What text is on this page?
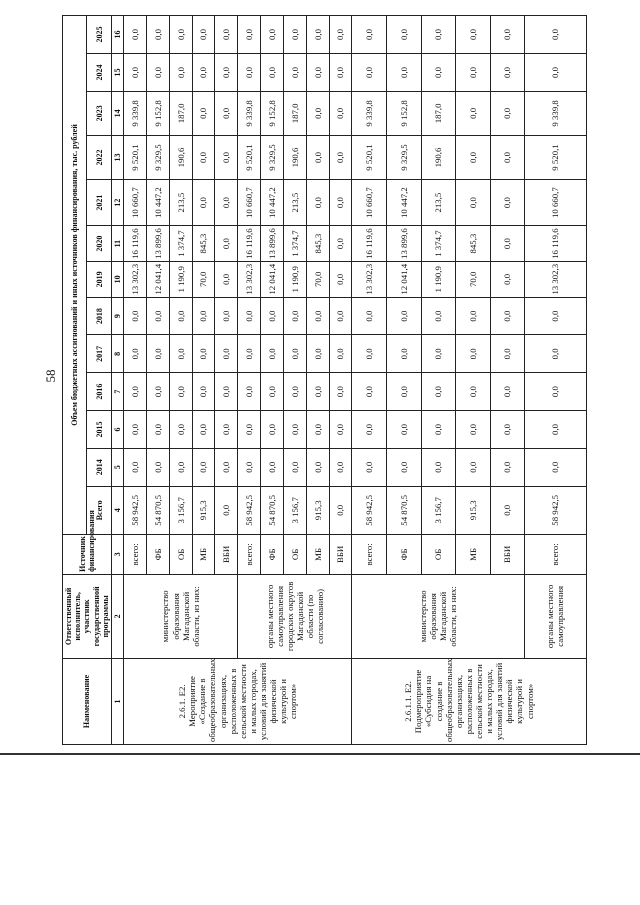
58
Наименование	Ответственный исполнитель, участник государственной программы	Источник финансирования	Объем бюджетных ассигнований и иных источников финансирования, тыс. рублей												
			Всего	2014	2015	2016	2017	2018	2019	2020	2021	2022	2023	2024	2025
1	2	3	4	5	6	7	8	9	10	11	12	13	14	15	16
2.6.1. Е2. Мероприятие «Создание в общеобразовательных организациях, расположенных в сельской местности и малых городах, условий для занятий физической культурой и спортом»	министерство образования Магаданской области, из них:	всего:	58 942,5	0,0	0,0	0,0	0,0	0,0	13 302,3	16 119,6	10 660,7	9 520,1	9 339,8	0,0	0,0
		ФБ	54 870,5	0,0	0,0	0,0	0,0	0,0	12 041,4	13 899,6	10 447,2	9 329,5	9 152,8	0,0	0,0
		ОБ	3 156,7	0,0	0,0	0,0	0,0	0,0	1 190,9	1 374,7	213,5	190,6	187,0	0,0	0,0
		МБ	915,3	0,0	0,0	0,0	0,0	0,0	70,0	845,3	0,0	0,0	0,0	0,0	0,0
		ВБИ	0,0	0,0	0,0	0,0	0,0	0,0	0,0	0,0	0,0	0,0	0,0	0,0	0,0
	органы местного самоуправления городских округов Магаданской области (по согласованию)	всего:	58 942,5	0,0	0,0	0,0	0,0	0,0	13 302,3	16 119,6	10 660,7	9 520,1	9 339,8	0,0	0,0
		ФБ	54 870,5	0,0	0,0	0,0	0,0	0,0	12 041,4	13 899,6	10 447,2	9 329,5	9 152,8	0,0	0,0
		ОБ	3 156,7	0,0	0,0	0,0	0,0	0,0	1 190,9	1 374,7	213,5	190,6	187,0	0,0	0,0
		МБ	915,3	0,0	0,0	0,0	0,0	0,0	70,0	845,3	0,0	0,0	0,0	0,0	0,0
		ВБИ	0,0	0,0	0,0	0,0	0,0	0,0	0,0	0,0	0,0	0,0	0,0	0,0	0,0
2.6.1.1. Е2. Подмероприятие «Субсидия на создание в общеобразовательных организациях, расположенных в сельской местности и малых городах, условий для занятий физической культурой и спортом»	министерство образования Магаданской области, из них:	всего:	58 942,5	0,0	0,0	0,0	0,0	0,0	13 302,3	16 119,6	10 660,7	9 520,1	9 339,8	0,0	0,0
		ФБ	54 870,5	0,0	0,0	0,0	0,0	0,0	12 041,4	13 899,6	10 447,2	9 329,5	9 152,8	0,0	0,0
		ОБ	3 156,7	0,0	0,0	0,0	0,0	0,0	1 190,9	1 374,7	213,5	190,6	187,0	0,0	0,0
		МБ	915,3	0,0	0,0	0,0	0,0	0,0	70,0	845,3	0,0	0,0	0,0	0,0	0,0
		ВБИ	0,0	0,0	0,0	0,0	0,0	0,0	0,0	0,0	0,0	0,0	0,0	0,0	0,0
	органы местного самоуправления	всего:	58 942,5	0,0	0,0	0,0	0,0	0,0	13 302,3	16 119,6	10 660,7	9 520,1	9 339,8	0,0	0,0
